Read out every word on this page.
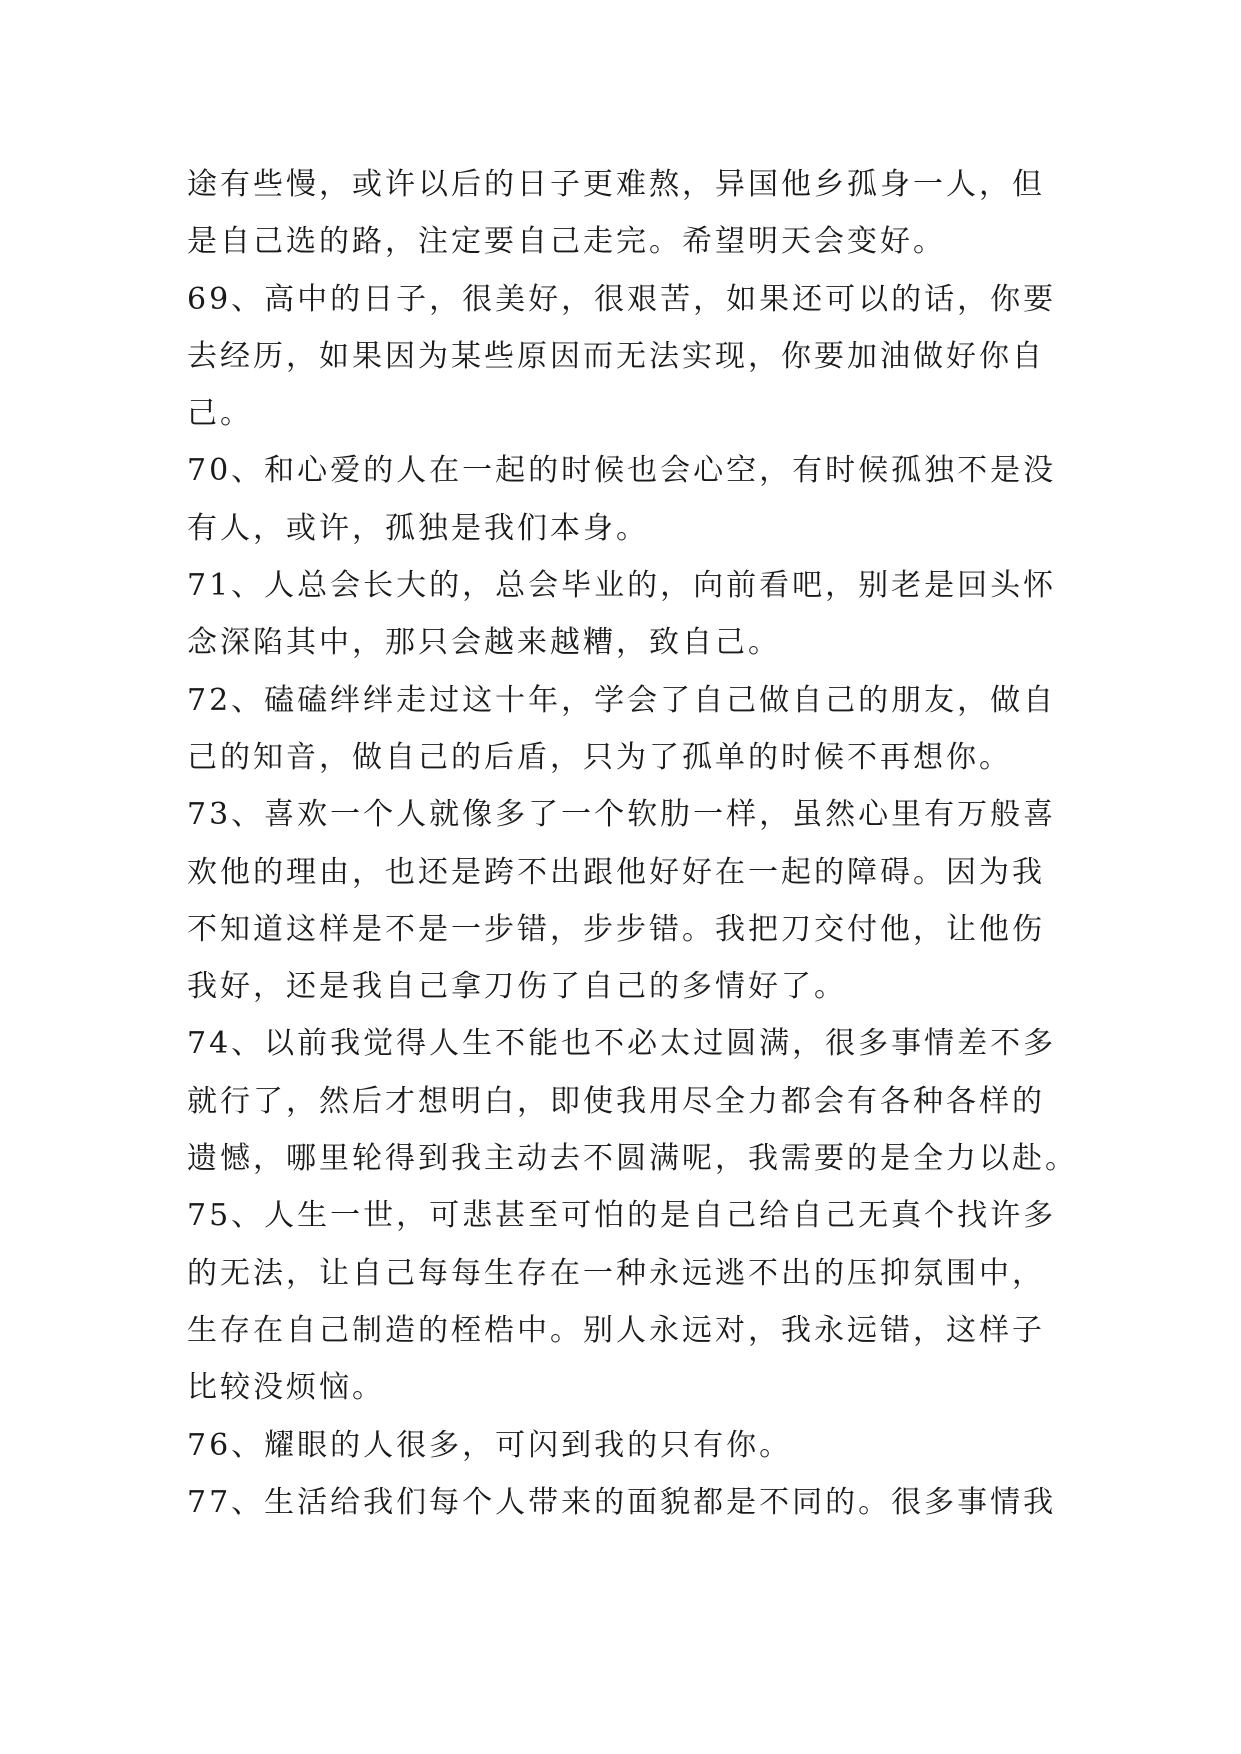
途有些慢，或许以后的日子更难熬，异国他乡孤身一人，但
是自己选的路，注定要自己走完。希望明天会变好。
69、高中的日子，很美好，很艰苦，如果还可以的话，你要
去经历，如果因为某些原因而无法实现，你要加油做好你自
己。
70、和心爱的人在一起的时候也会心空，有时候孤独不是没
有人，或许，孤独是我们本身。
71、人总会长大的，总会毕业的，向前看吧，别老是回头怀
念深陷其中，那只会越来越糟，致自己。
72、磕磕绊绊走过这十年，学会了自己做自己的朋友，做自
己的知音，做自己的后盾，只为了孤单的时候不再想你。
73、喜欢一个人就像多了一个软肋一样，虽然心里有万般喜
欢他的理由，也还是跨不出跟他好好在一起的障碍。因为我
不知道这样是不是一步错，步步错。我把刀交付他，让他伤
我好，还是我自己拿刀伤了自己的多情好了。
74、以前我觉得人生不能也不必太过圆满，很多事情差不多
就行了，然后才想明白，即使我用尽全力都会有各种各样的
遗憾，哪里轮得到我主动去不圆满呢，我需要的是全力以赴。
75、人生一世，可悲甚至可怕的是自己给自己无真个找许多
的无法，让自己每每生存在一种永远逃不出的压抑氛围中，
生存在自己制造的桎梏中。别人永远对，我永远错，这样子
比较没烦恼。
76、耀眼的人很多，可闪到我的只有你。
77、生活给我们每个人带来的面貌都是不同的。很多事情我
